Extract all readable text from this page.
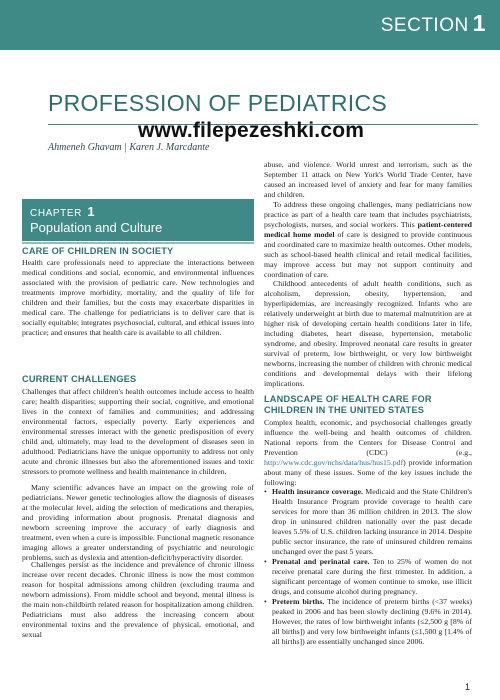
SECTION 1
PROFESSION OF PEDIATRICS
www.filepezeshki.com
Ahmeneh Ghavam | Karen J. Marcdante
CHAPTER 1
Population and Culture
CARE OF CHILDREN IN SOCIETY

Health care professionals need to appreciate the interactions between medical conditions and social, economic, and environmental influences associated with the provision of pediatric care. New technologies and treatments improve morbidity, mortality, and the quality of life for children and their families, but the costs may exacerbate disparities in medical care. The challenge for pediatricians is to deliver care that is socially equitable; integrates psychosocial, cultural, and ethical issues into practice; and ensures that health care is available to all children.

CURRENT CHALLENGES

Challenges that affect children's health outcomes include access to health care; health disparities; supporting their social, cognitive, and emotional lives in the context of families and communities; and addressing environmental factors, especially poverty. Early experiences and environmental stresses interact with the genetic predisposition of every child and, ultimately, may lead to the development of diseases seen in adulthood. Pediatricians have the unique opportunity to address not only acute and chronic illnesses but also the aforementioned issues and toxic stressors to promote wellness and health maintenance in children.

Many scientific advances have an impact on the growing role of pediatricians. Newer genetic technologies allow the diagnosis of diseases at the molecular level, aiding the selection of medications and therapies, and providing information about prognosis. Prenatal diagnosis and newborn screening improve the accuracy of early diagnosis and treatment, even when a cure is impossible. Functional magnetic resonance imaging allows a greater understanding of psychiatric and neurologic problems, such as dyslexia and attention-deficit/hyperactivity disorder.

Challenges persist as the incidence and prevalence of chronic illness increase over recent decades. Chronic illness is now the most common reason for hospital admissions among children (excluding trauma and newborn admissions). From middle school and beyond, mental illness is the main non-childbirth related reason for hospitalization among children. Pediatricians must also address the increasing concern about environmental toxins and the prevalence of physical, emotional, and sexual

abuse, and violence. World unrest and terrorism, such as the September 11 attack on New York's World Trade Center, have caused an increased level of anxiety and fear for many families and children.

To address these ongoing challenges, many pediatricians now practice as part of a health care team that includes psychiatrists, psychologists, nurses, and social workers. This patient-centered medical home model of care is designed to provide continuous and coordinated care to maximize health outcomes. Other models, such as school-based health clinical and retail medical facilities, may improve access but may not support continuity and coordination of care.

Childhood antecedents of adult health conditions, such as alcoholism, depression, obesity, hypertension, and hyperlipidemias, are increasingly recognized. Infants who are relatively underweight at birth due to maternal malnutrition are at higher risk of developing certain health conditions later in life, including diabetes, heart disease, hypertension, metabolic syndrome, and obesity. Improved neonatal care results in greater survival of preterm, low birthweight, or very low birthweight newborns, increasing the number of children with chronic medical conditions and developmental delays with their lifelong implications.

LANDSCAPE OF HEALTH CARE FOR
CHILDREN IN THE UNITED STATES

Complex health, economic, and psychosocial challenges greatly influence the well-being and health outcomes of children. National reports from the Centers for Disease Control and Prevention (CDC) (e.g., http://www.cdc.gov/nchs/data/hus/hus15.pdf) provide information about many of these issues. Some of the key issues include the following:

• Health insurance coverage. Medicaid and the State Children's Health Insurance Program provide coverage to health care services for more than 36 million children in 2013. The slow drop in uninsured children nationally over the past decade leaves 5.5% of U.S. children lacking insurance in 2014. Despite public sector insurance, the rate of uninsured children remains unchanged over the past 5 years.
• Prenatal and perinatal care. Ten to 25% of women do not receive prenatal care during the first trimester. In addition, a significant percentage of women continue to smoke, use illicit drugs, and consume alcohol during pregnancy.
• Preterm births. The incidence of preterm births (<37 weeks) peaked in 2006 and has been slowly declining (9.6% in 2014). However, the rates of low birthweight infants (≤2,500 g [8% of all births]) and very low birthweight infants (≤1,500 g [1.4% of all births]) are essentially unchanged since 2006.
1
